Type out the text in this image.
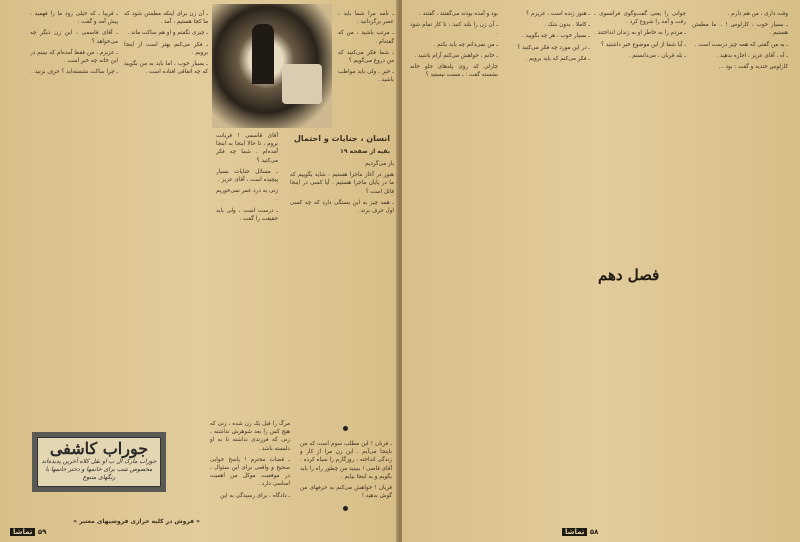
ـ فریبا ـ که خیلی زود ما را فهمید ، پیش آمد و گفت :

ـ آقای قاسمی ، این زن دیگر چه می‌خواهد ؟

ـ عزیزم ، من فقط آمده‌ام که ببینم در این خانه چه خبر است .

ـ چرا ساکت نشسته‌اید ؟ حرف بزنید .

ـ آن زن برای اینکه مطمئن شود که ما کجا هستیم ، آمد .

ـ چیزی نگفتم و او هم ساکت ماند .

ـ فکر می‌کنم بهتر است از اینجا برویم .

ـ بسیار خوب ، اما باید به من بگویید که چه اتفاقی افتاده است .

آقای قاسمی ! قربانت بروم ، تا حالا اینجا به اینجا آمده‌ام . شما چه فکر می‌کنید ؟

ـ مسائل جنایات بسیار پیچیده است ، آقای عزیز .

زنی به درد عمر نمی‌خوریم .

ـ درست است ، ولی باید حقیقت را گفت .

انسان ، جنایات و احتمال
بقیه از صفحه ۱۹

ـ نامه مرا شما باید ، عصر برگردانید .

ـ مرتب باشید ، من که گفته‌ام .

ـ شما فکر می‌کنید که من دروغ می‌گویم ؟

ـ خیر ، ولی باید مواظب باشید .

باز می‌گردیم

هنوز در آغاز ماجرا هستیم . شاید بگوییم که ما در پایان ماجرا هستیم . آیا کسی در اینجا قاتل است ؟

ـ همه چیز به این بستگی دارد که چه کسی اول حرف بزند .

ـ قربان ! این مطلب سوم است که من باینجا می‌آیم . این زن مرا از کار و زندگی انداخته ، روزگارم را سیاه کرده . آقای قاضی ! ببینید من چطور راه را باید بگویم و به اینجا بیایم .

قربان ! خواهش می‌کنم به حرفهای من گوش بدهید !

مرگ را قبل یک زن شده ، زنی که هیچ کس را بعد شوهرش نداشته ، زنی که فرزندی نداشته تا به او دلبسته باشد .

ـ قضات محترم ! پاسخ جوابی صحیح و واقعی برای این سئوال ، در موقعیت موکل من اهمیت اساسی دارد .

ـ دادگاه ، برای رسیدگی به این

جوراب کاشفی
جوراب مارک ال ب او نقل کلاه آخرین پدیده‌اند
مخصوص شب برای خانمها و دختر خانمها با رنگهای متنوع
« فروش در کلیه خرازی فروشیهای معتبر »
۵۹ تماشا

بود و آمده بودند می‌گفتند ، گفتند :

ـ آن زن را بلند کنید ، تا کار تمام شود .

ـ من نمی‌دانم چه باید بکنم .

ـ خانم ، خواهش می‌کنم آرام باشید .

چارلی که روی پله‌های جلو خانه نشسته گفت : ـ مست نیستید ؟

ـ هنوز زنده است ، عزیزم ؟

ـ کاملا . بدون شک .

ـ بسیار خوب ، هر چه بگویید .

ـ در این مورد چه فکر می‌کنید ؟

ـ فکر می‌کنم که باید برویم .

جوانی را یعنی گفت‌وگوی فرانسوی ، رفت و آمد را شروع کرد .

ـ مردم را به خاطر او به زندان انداختند .

ـ آیا شما از این موضوع خبر داشتید ؟

ـ بله قربان ، می‌دانستم .

وقت داری ، من هم دارم .

ـ بسیار خوب ، کارلوس ! .. ما مطمئن هستیم .

ـ به من گفتی که همه چیز درست است .

ـ آه ، آقای عزیز ، اجازه بدهید .

کارلوس خندید و گفت : بود ...

۵۸ تماشا
فصل دهم
